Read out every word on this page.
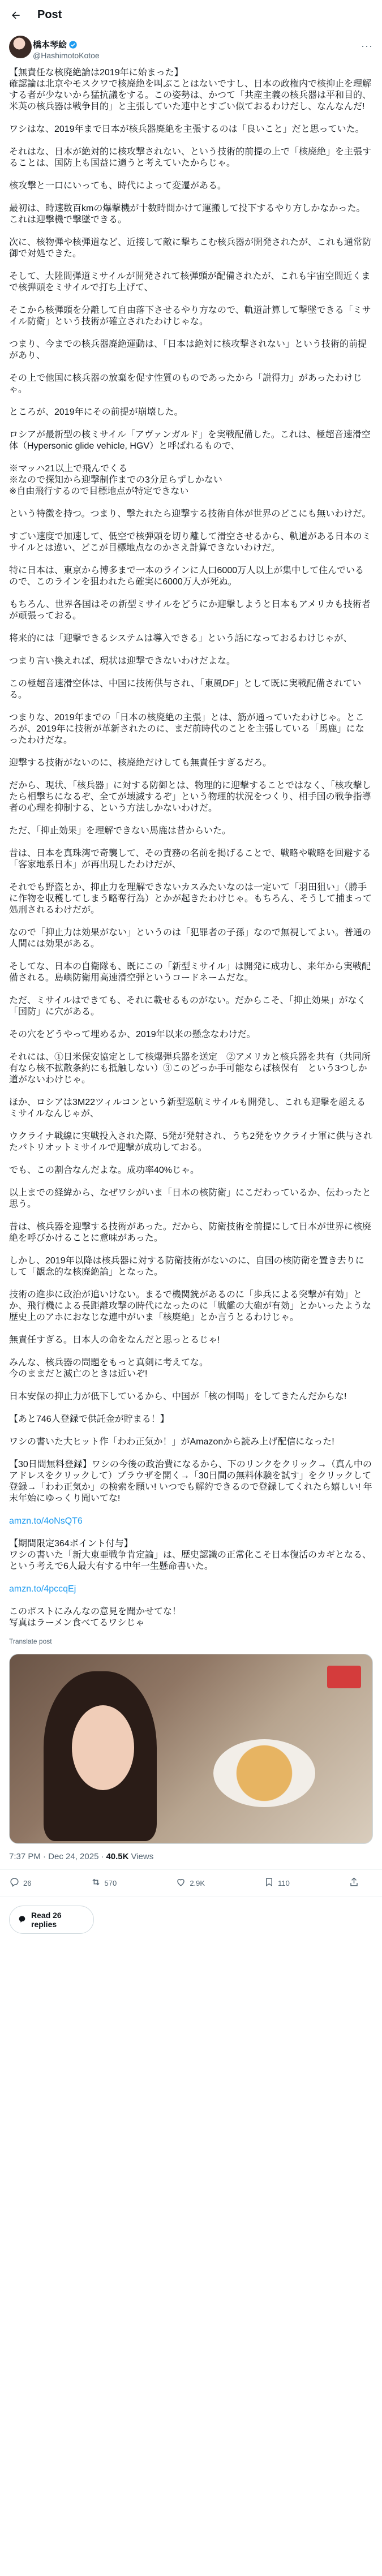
Post
橋本琴絵
@HashimotoKotoe
···
【無責任な核廃絶論は2019年に始まった】
確認論は北京やモスクワで核廃絶を叫ぶことはないですし、日本の政権内で核抑止を理解する者が少ないから猛抗議をする。この姿勢は、かつて「共産主義の核兵器は平和目的、米英の核兵器は戦争目的」と主張していた連中とすごい似ておるわけだし、なんなんだ!
ワシはな、2019年まで日本が核兵器廃絶を主張するのは「良いこと」だと思っていた。
それはな、日本が絶対的に核攻撃されない、という技術的前提の上で「核廃絶」を主張することは、国防上も国益に適うと考えていたからじゃ。
核攻撃と一口にいっても、時代によって変遷がある。
最初は、時速数百kmの爆撃機が十数時間かけて運搬して投下するやり方しかなかった。これは迎撃機で撃墜できる。
次に、核物弾や核弾道など、近接して敵に撃ちこむ核兵器が開発されたが、これも通常防御で対処できた。
そして、大陸間弾道ミサイルが開発されて核弾頭が配備されたが、これも宇宙空間近くまで核弾頭をミサイルで打ち上げて、
そこから核弾頭を分離して自由落下させるやり方なので、軌道計算して撃墜できる「ミサイル防衛」という技術が確立されたわけじゃな。
つまり、今までの核兵器廃絶運動は、「日本は絶対に核攻撃されない」という技術的前提があり、
その上で他国に核兵器の放棄を促す性質のものであったから「説得力」があったわけじゃ。
ところが、2019年にその前提が崩壊した。
ロシアが最新型の核ミサイル「アヴァンガルド」を実戦配備した。これは、極超音速滑空体（Hypersonic glide vehicle, HGV）と呼ばれるもので、
※マッハ21以上で飛んでくる
※なので探知から迎撃制作までの3分足らずしかない
※自由飛行するので目標地点が特定できない
という特徴を持つ。つまり、撃たれたら迎撃する技術自体が世界のどこにも無いわけだ。
すごい速度で加速して、低空で核弾頭を切り離して滑空させるから、軌道がある日本のミサイルとは違い、どこが目標地点なのかさえ計算できないわけだ。
特に日本は、東京から博多まで一本のラインに人口6000万人以上が集中して住んでいるので、このラインを狙われたら確実に6000万人が死ぬ。
もちろん、世界各国はその新型ミサイルをどうにか迎撃しようと日本もアメリカも技術者が頑張っておる。
将来的には「迎撃できるシステムは導入できる」という話になっておるわけじゃが、
つまり言い換えれば、現状は迎撃できないわけだよな。
この極超音速滑空体は、中国に技術供与され、「東風DF」として既に実戦配備されている。
つまりな、2019年までの「日本の核廃絶の主張」とは、筋が通っていたわけじゃ。ところが、2019年に技術が革新されたのに、まだ前時代のことを主張している「馬鹿」になったわけだな。
迎撃する技術がないのに、核廃絶だけしても無責任すぎるだろ。
だから、現状、「核兵器」に対する防御とは、物理的に迎撃することではなく、「核攻撃したら相撃ちになるぞ、全てが壊滅するぞ」という物理的状況をつくり、相手国の戦争指導者の心理を抑制する、という方法しかないわけだ。
ただ、「抑止効果」を理解できない馬鹿は昔からいた。
昔は、日本を真珠湾で奇襲して、その責務の名前を掲げることで、戦略や戦略を回避する「客家地系日本」が再出現したわけだが、
それでも野盗とか、抑止力を理解できないカスみたいなのは一定いて「羽田狙い」（勝手に作物を収穫してしまう略奪行為）とかが起きたわけじゃ。もちろん、そうして捕まって処刑されるわけだが。
なので「抑止力は効果がない」というのは「犯罪者の子孫」なので無視してよい。普通の人間には効果がある。
そしてな、日本の自衛隊も、既にこの「新型ミサイル」は開発に成功し、来年から実戦配備される。島嶼防衛用高速滑空弾というコードネームだな。
ただ、ミサイルはできても、それに載せるものがない。だからこそ、「抑止効果」がなく「国防」に穴がある。
その穴をどうやって埋めるか、2019年以来の懸念なわけだ。
それには、①日米保安協定として核爆弾兵器を送定　②アメリカと核兵器を共有（共同所有なら核不拡散条約にも抵触しない）③このどっか手可能ならば核保有　という3つしか道がないわけじゃ。
ほか、ロシアは3M22ツィルコンという新型巡航ミサイルも開発し、これも迎撃を超えるミサイルなんじゃが、
ウクライナ戦線に実戦投入された際、5発が発射され、うち2発をウクライナ軍に供与されたパトリオットミサイルで迎撃が成功しておる。
でも、この割合なんだよな。成功率40%じゃ。
以上までの経緯から、なぜワシがいま「日本の核防衛」にこだわっているか、伝わったと思う。
昔は、核兵器を迎撃する技術があった。だから、防衛技術を前提にして日本が世界に核廃絶を呼びかけることに意味があった。
しかし、2019年以降は核兵器に対する防衛技術がないのに、自国の核防衛を置き去りにして「観念的な核廃絶論」となった。
技術の進歩に政治が追いけない。まるで機関銃があるのに「歩兵による突撃が有効」とか、飛行機による長距離攻撃の時代になったのに「戦艦の大砲が有効」とかいったような歴史上のアホにおなじな連中がいま「核廃絶」とか言うとるわけじゃ。
無責任すぎる。日本人の命をなんだと思っとるじゃ!
みんな、核兵器の問題をもっと真剣に考えてな。
今のままだと滅亡のときは近いぞ!
日本安保の抑止力が低下しているから、中国が「核の恫喝」をしてきたんだからな!
【あと746人登録で供託金が貯まる！】
ワシの書いた大ヒット作「わわ正気か！」がAmazonから読み上げ配信になった!
【30日間無料登録】ワシの今後の政治費になるから、下のリンクをクリック→（真ん中のアドレスをクリックして）ブラウザを開く→「30日間の無料体験を試す」をクリックして登録→「わわ正気か」の検索を願い! いつでも解約できるので登録してくれたら嬉しい! 年末年始にゆっくり聞いてな!
amzn.to/4oNsQT6
【期間限定364ポイント付与】
ワシの書いた「新大東亜戦争肯定論」は、歴史認識の正常化こそ日本復活のカギとなる、という考えで6人最大有する中年一生懸命書いた。
amzn.to/4pccqEj
このポストにみんなの意見を聞かせてな！
写真はラーメン食べてるワシじゃ
Translate post
7:37 PM · Dec 24, 2025 · 40.5K Views
26	570	2.9K	110
Read 26 replies
